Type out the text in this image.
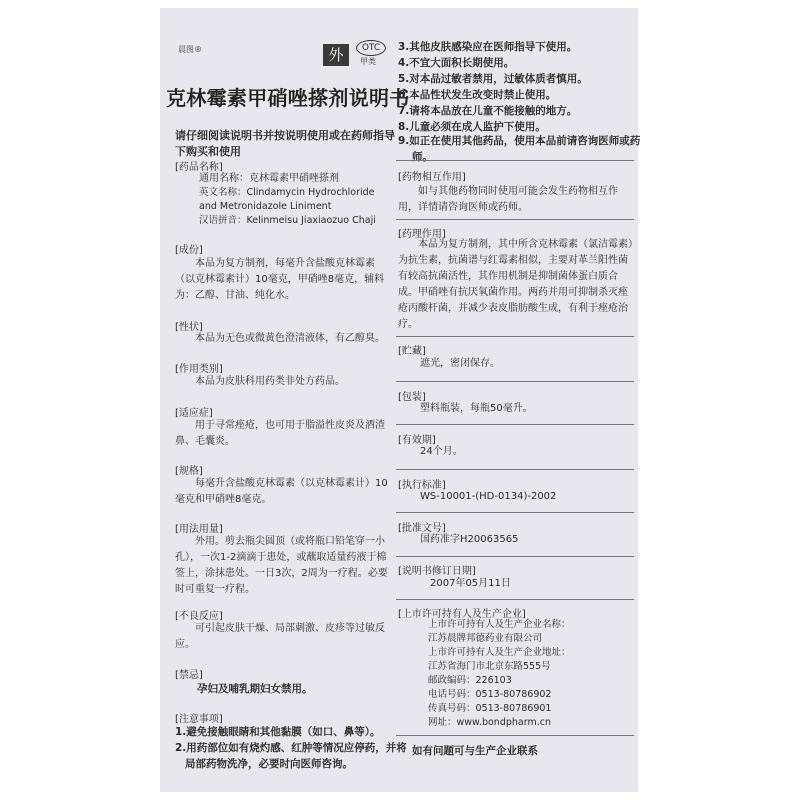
晨图®	外	OTC
甲类
克林霉素甲硝唑搽剂说明书
请仔细阅读说明书并按说明使用或在药师指导下购买和使用
[药品名称]
通用名称：克林霉素甲硝唑搽剂
英文名称：Clindamycin Hydrochloride
and Metronidazole Liniment
汉语拼音：Kelinmeisu Jiaxiaozuo Chaji
[成份]
本品为复方制剂，每毫升含盐酸克林霉素（以克林霉素计）10毫克，甲硝唑8毫克，辅料为：乙醇、甘油、纯化水。
[性状]
本品为无色或微黄色澄清液体，有乙醇臭。
[作用类别]
本品为皮肤科用药类非处方药品。
[适应症]
用于寻常痤疮，也可用于脂溢性皮炎及酒渣鼻、毛囊炎。
[规格]
每毫升含盐酸克林霉素（以克林霉素计）10毫克和甲硝唑8毫克。
[用法用量]
外用。剪去瓶尖圆顶（或将瓶口铅笔穿一小孔），一次1-2滴滴于患处，或蘸取适量药液于棉签上，涂抹患处。一日3次，2周为一疗程。必要时可重复一疗程。
[不良反应]
可引起皮肤干燥、局部刺激、皮疹等过敏反应。
[禁忌]
孕妇及哺乳期妇女禁用。
[注意事项]
1.避免接触眼睛和其他黏膜（如口、鼻等）。
2.用药部位如有烧灼感、红肿等情况应停药，并将局部药物洗净，必要时向医师咨询。
3.其他皮肤感染应在医师指导下使用。
4.不宜大面积长期使用。
5.对本品过敏者禁用，过敏体质者慎用。
6.本品性状发生改变时禁止使用。
7.请将本品放在儿童不能接触的地方。
8.儿童必须在成人监护下使用。
9.如正在使用其他药品，使用本品前请咨询医师或药师。
[药物相互作用]
如与其他药物同时使用可能会发生药物相互作用，详情请咨询医师或药师。
[药理作用]
本品为复方制剂，其中所含克林霉素（氯洁霉素）为抗生素，抗菌谱与红霉素相似，主要对革兰阳性菌有较高抗菌活性，其作用机制是抑制菌体蛋白质合成。甲硝唑有抗厌氧菌作用。两药并用可抑制杀灭痤疮丙酸杆菌，并减少表皮脂肪酸生成，有利于痤疮治疗。
[贮藏]
遮光，密闭保存。
[包装]
塑料瓶装，每瓶50毫升。
[有效期]
24个月。
[执行标准]
WS-10001-(HD-0134)-2002
[批准文号]
国药准字H20063565
[说明书修订日期]
2007年05月11日
[上市许可持有人及生产企业]
上市许可持有人及生产企业名称：
江苏晨牌邦德药业有限公司
上市许可持有人及生产企业地址：
江苏省海门市北京东路555号
邮政编码：226103
电话号码：0513-80786902
传真号码：0513-80786901
网址：www.bondpharm.cn
如有问题可与生产企业联系
